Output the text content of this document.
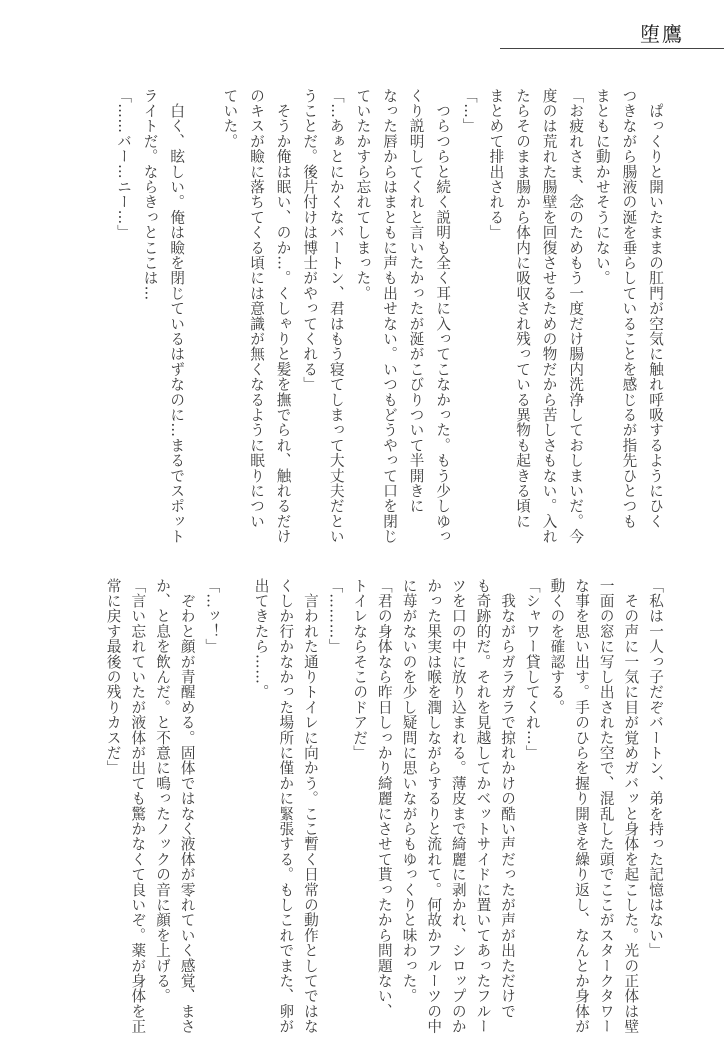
堕鷹
　ぱっくりと開いたままの肛門が空気に触れ呼吸するようにひく
つきながら腸液の涎を垂らしていることを感じるが指先ひとつも
まともに動かせそうにない。
「お疲れさま、念のためもう一度だけ腸内洗浄しておしまいだ。今
度のは荒れた腸壁を回復させるための物だから苦しさもない。入れ
たらそのまま腸から体内に吸収され残っている異物も起きる頃に
まとめて排出される」
「…」
　つらつらと続く説明も全く耳に入ってこなかった。もう少しゆっ
くり説明してくれと言いたかったが涎がこびりついて半開きに
なった唇からはまともに声も出せない。いつもどうやって口を閉じ
ていたかすら忘れてしまった。
「…あぁとにかくなバートン、君はもう寝てしまって大丈夫だとい
うことだ。後片付けは博士がやってくれる」
　そうか俺は眠い、のか…。くしゃりと髪を撫でられ、触れるだけ
のキスが瞼に落ちてくる頃には意識が無くなるように眠りについ
ていた。
　白く、眩しい。俺は瞼を閉じているはずなのに…まるでスポット
ライトだ。ならきっとここは…
「……バー…ニー…」
「私は一人っ子だぞバートン、弟を持った記憶はない」
　その声に一気に目が覚めガバッと身体を起こした。光の正体は壁
一面の窓に写し出された空で、混乱した頭でここがスタークタワー
な事を思い出す。手のひらを握り開きを繰り返し、なんとか身体が
動くのを確認する。
「シャワー貸してくれ…」
　我ながらガラガラで掠れかけの酷い声だったが声が出ただけで
も奇跡的だ。それを見越してかベットサイドに置いてあったフルー
ツを口の中に放り込まれる。薄皮まで綺麗に剥かれ、シロップのか
かった果実は喉を潤しながらするりと流れて。何故かフルーツの中
に苺がないのを少し疑問に思いながらもゆっくりと味わった。
「君の身体なら昨日しっかり綺麗にさせて貰ったから問題ない、
トイレならそこのドアだ」
「………」
　言われた通りトイレに向かう。ここ暫く日常の動作としてではな
くしか行かなかった場所に僅かに緊張する。もしこれでまた、卵が
出てきたら……。
「…ッ！」
　ぞわと顔が青醒める。固体ではなく液体が零れていく感覚、まさ
か、と息を飲んだ。と不意に鳴ったノックの音に顔を上げる。
「言い忘れていたが液体が出ても驚かなくて良いぞ。薬が身体を正
常に戻す最後の残りカスだ」
